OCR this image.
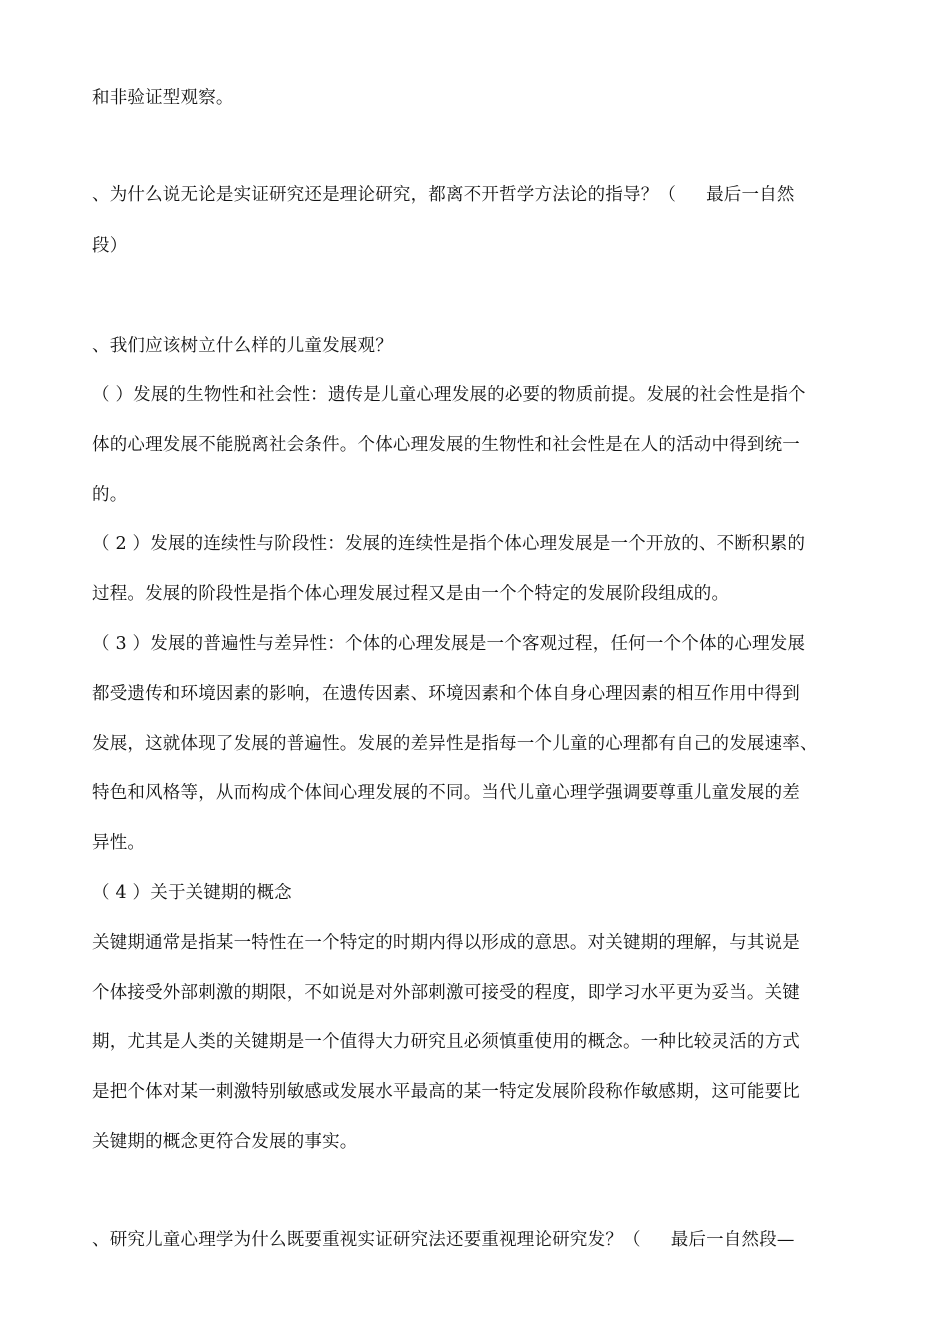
和非验证型观察。
、为什么说无论是实证研究还是理论研究，都离不开哲学方法论的指导？（ 最后一自然
段）
、我们应该树立什么样的儿童发展观？
（ ）发展的生物性和社会性：遗传是儿童心理发展的必要的物质前提。发展的社会性是指个
体的心理发展不能脱离社会条件。个体心理发展的生物性和社会性是在人的活动中得到统一
的。
（ 2 ）发展的连续性与阶段性：发展的连续性是指个体心理发展是一个开放的、不断积累的
过程。发展的阶段性是指个体心理发展过程又是由一个个特定的发展阶段组成的。
（ 3 ）发展的普遍性与差异性：个体的心理发展是一个客观过程，任何一个个体的心理发展
都受遗传和环境因素的影响，在遗传因素、环境因素和个体自身心理因素的相互作用中得到
发展，这就体现了发展的普遍性。发展的差异性是指每一个儿童的心理都有自己的发展速率、
特色和风格等，从而构成个体间心理发展的不同。当代儿童心理学强调要尊重儿童发展的差
异性。
（ 4 ）关于关键期的概念
关键期通常是指某一特性在一个特定的时期内得以形成的意思。对关键期的理解，与其说是
个体接受外部刺激的期限，不如说是对外部刺激可接受的程度，即学习水平更为妥当。关键
期，尤其是人类的关键期是一个值得大力研究且必须慎重使用的概念。一种比较灵活的方式
是把个体对某一刺激特别敏感或发展水平最高的某一特定发展阶段称作敏感期，这可能要比
关键期的概念更符合发展的事实。
、研究儿童心理学为什么既要重视实证研究法还要重视理论研究发？（ 最后一自然段—
